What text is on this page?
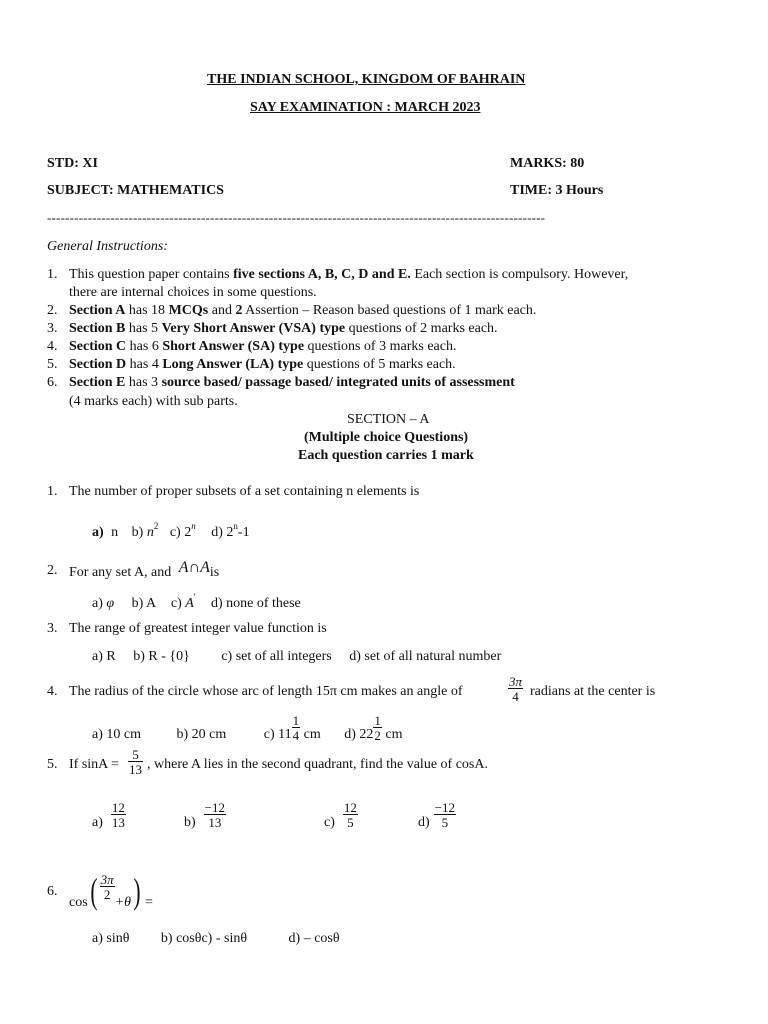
THE INDIAN SCHOOL, KINGDOM OF BAHRAIN
SAY EXAMINATION : MARCH 2023
STD: XI	MARKS: 80
SUBJECT: MATHEMATICS	TIME: 3 Hours
--------------------------------------------------------------------------------------------------------------
General Instructions:
1. This question paper contains five sections A, B, C, D and E. Each section is compulsory. However,
there are internal choices in some questions.
2. Section A has 18 MCQs and 2 Assertion – Reason based questions of 1 mark each.
3. Section B has 5 Very Short Answer (VSA) type questions of 2 marks each.
4. Section C has 6 Short Answer (SA) type questions of 3 marks each.
5. Section D has 4 Long Answer (LA) type questions of 5 marks each.
6. Section E has 3 source based/ passage based/ integrated units of assessment
(4 marks each) with sub parts.
SECTION – A
(Multiple choice Questions)
Each question carries 1 mark
1. The number of proper subsets of a set containing n elements is
a) n b) $n^2$ c) 2$^n$ d) 2$^n$-1
2. For any set A, and A∩Ais
a) φ b) A c) A' d) none of these
3. The range of greatest integer value function is
a) R b) R - {0} c) set of all integers d) set of all natural number
4. The radius of the circle whose arc of length 15π cm makes an angle of	$\frac{3\pi}{4}$ radians at the center is
a) 10 cm	b) 20 cm	c) $11 \frac{1}{4}$ cm d) $22 \frac{1}{2}$ cm
5. If $\sin A = \frac{5}{13}$ , where A lies in the second quadrant, find the value of cosA.
$a) \frac{12}{13}$	$b) \frac{-12}{13}$	$c) \frac{12}{5}$	$d) \frac{-12}{5}$
6.
$\cos( \frac{3\pi}{2}$
+θ) =
a) sinθ b) cosθc) - sinθ	d) – cosθ
